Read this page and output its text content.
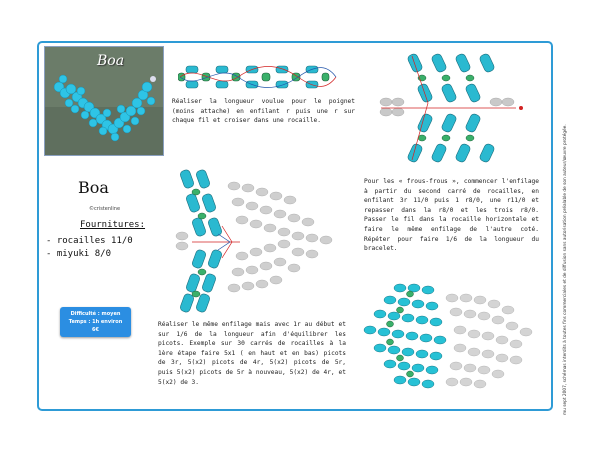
Boa
Boa
©cristenline
Fournitures:
- rocailles 11/0
- miyuki 8/0
Difficulté : moyen
Temps : 1h environ
6€
Réaliser la longueur voulue pour le poignet (moins attache) en enfilant r puis une r sur chaque fil et croiser dans une rocaille.
Pour les « frous-frous », commencer l'enfilage à partir du second carré de rocailles, en enfilant 3r 11/0 puis 1 r8/0, une r11/0 et repasser dans la r8/0 et les trois r8/0. Passer le fil dans la rocaille horizontale et faire le même enfilage de l'autre coté. Répéter pour faire 1/6 de la longueur du bracelet.
Réaliser le même enfilage mais avec 1r au début et sur 1/6 de la longueur afin d'équilibrer les picots. Exemple sur 30 carrés de rocailles à la 1ère étape faire 5x1 ( en haut et en bas) picots de 3r, 5(x2) picots de 4r, 5(x2) picots de 5r, puis 5(x2) picots de 5r à nouveau, 5(x2) de 4r, et 5(x2) de 3.	mu sept 2007, schémas interdits à toutes fins commerciales et de diffusion sans autorisation préalable de son auteur/œuvre protégée.
